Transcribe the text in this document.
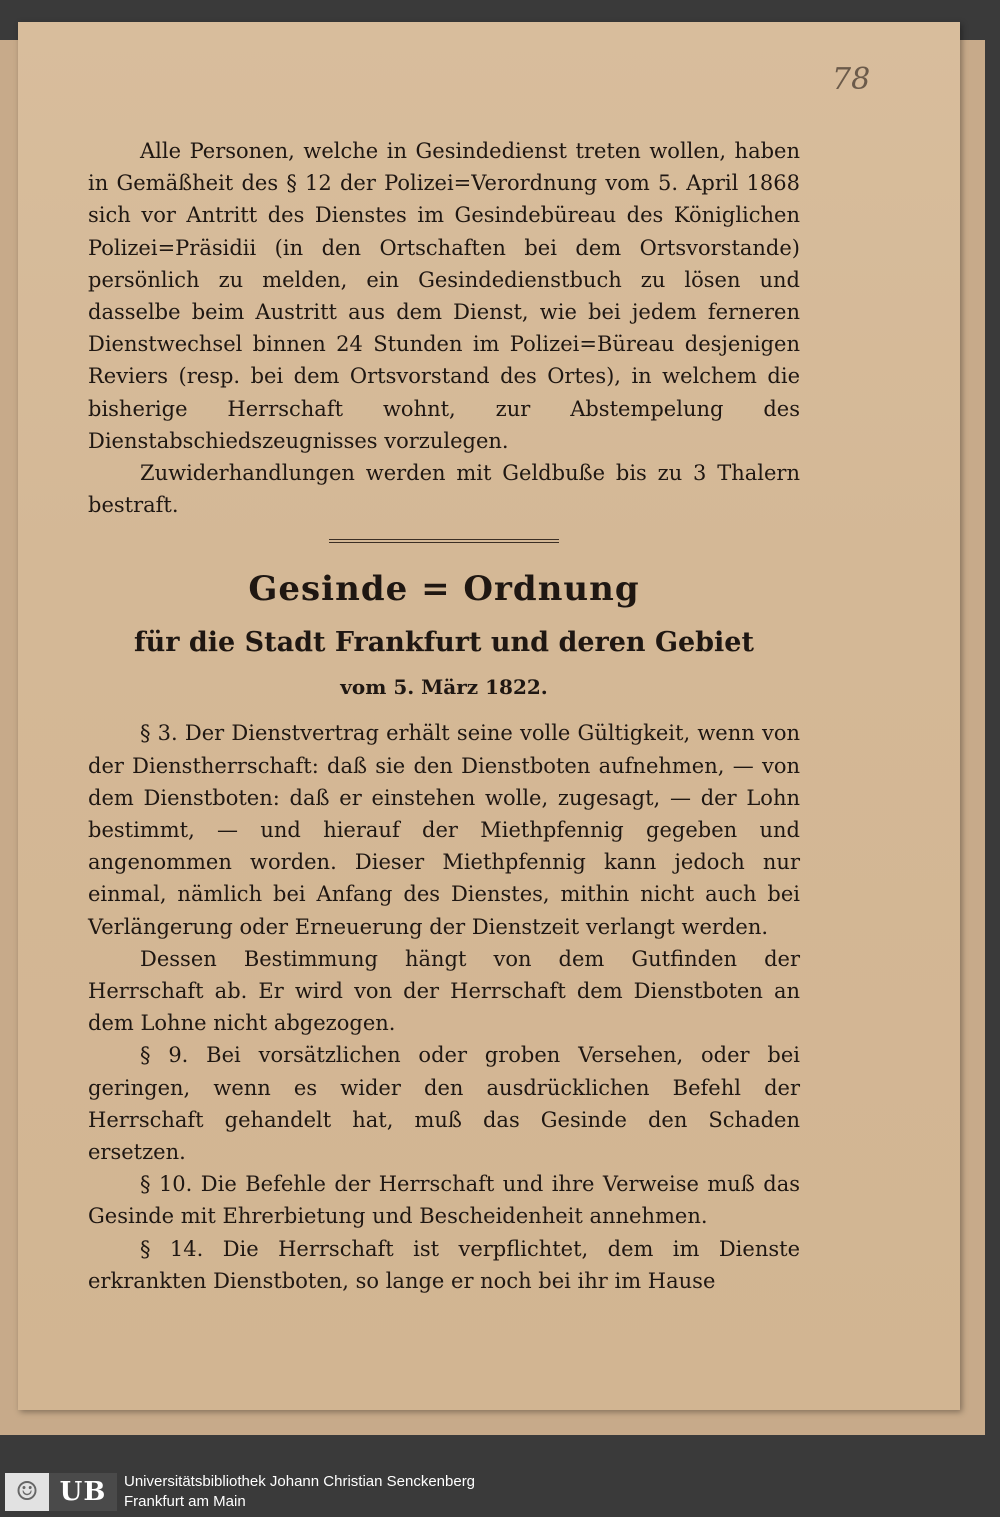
78

Alle Personen, welche in Gesindedienst treten wollen, haben in Gemäßheit des § 12 der Polizei=Verordnung vom 5. April 1868 sich vor Antritt des Dienstes im Gesindebüreau des Königlichen Polizei=Präsidii (in den Ortschaften bei dem Ortsvorstande) persönlich zu melden, ein Gesindedienstbuch zu lösen und dasselbe beim Austritt aus dem Dienst, wie bei jedem ferneren Dienstwechsel binnen 24 Stunden im Polizei=Büreau desjenigen Reviers (resp. bei dem Ortsvorstand des Ortes), in welchem die bisherige Herrschaft wohnt, zur Abstempelung des Dienstabschiedszeugnisses vorzulegen.

Zuwiderhandlungen werden mit Geldbuße bis zu 3 Thalern bestraft.

Gesinde = Ordnung
für die Stadt Frankfurt und deren Gebiet
vom 5. März 1822.

§ 3. Der Dienstvertrag erhält seine volle Gültigkeit, wenn von der Dienstherrschaft: daß sie den Dienstboten aufnehmen, — von dem Dienstboten: daß er einstehen wolle, zugesagt, — der Lohn bestimmt, — und hierauf der Miethpfennig gegeben und angenommen worden. Dieser Miethpfennig kann jedoch nur einmal, nämlich bei Anfang des Dienstes, mithin nicht auch bei Verlängerung oder Erneuerung der Dienstzeit verlangt werden.

Dessen Bestimmung hängt von dem Gutfinden der Herrschaft ab. Er wird von der Herrschaft dem Dienstboten an dem Lohne nicht abgezogen.

§ 9. Bei vorsätzlichen oder groben Versehen, oder bei geringen, wenn es wider den ausdrücklichen Befehl der Herrschaft gehandelt hat, muß das Gesinde den Schaden ersetzen.

§ 10. Die Befehle der Herrschaft und ihre Verweise muß das Gesinde mit Ehrerbietung und Bescheidenheit annehmen.

§ 14. Die Herrschaft ist verpflichtet, dem im Dienste erkrankten Dienstboten, so lange er noch bei ihr im Hause

☺ UB	Universitätsbibliothek Johann Christian Senckenberg
Frankfurt am Main
